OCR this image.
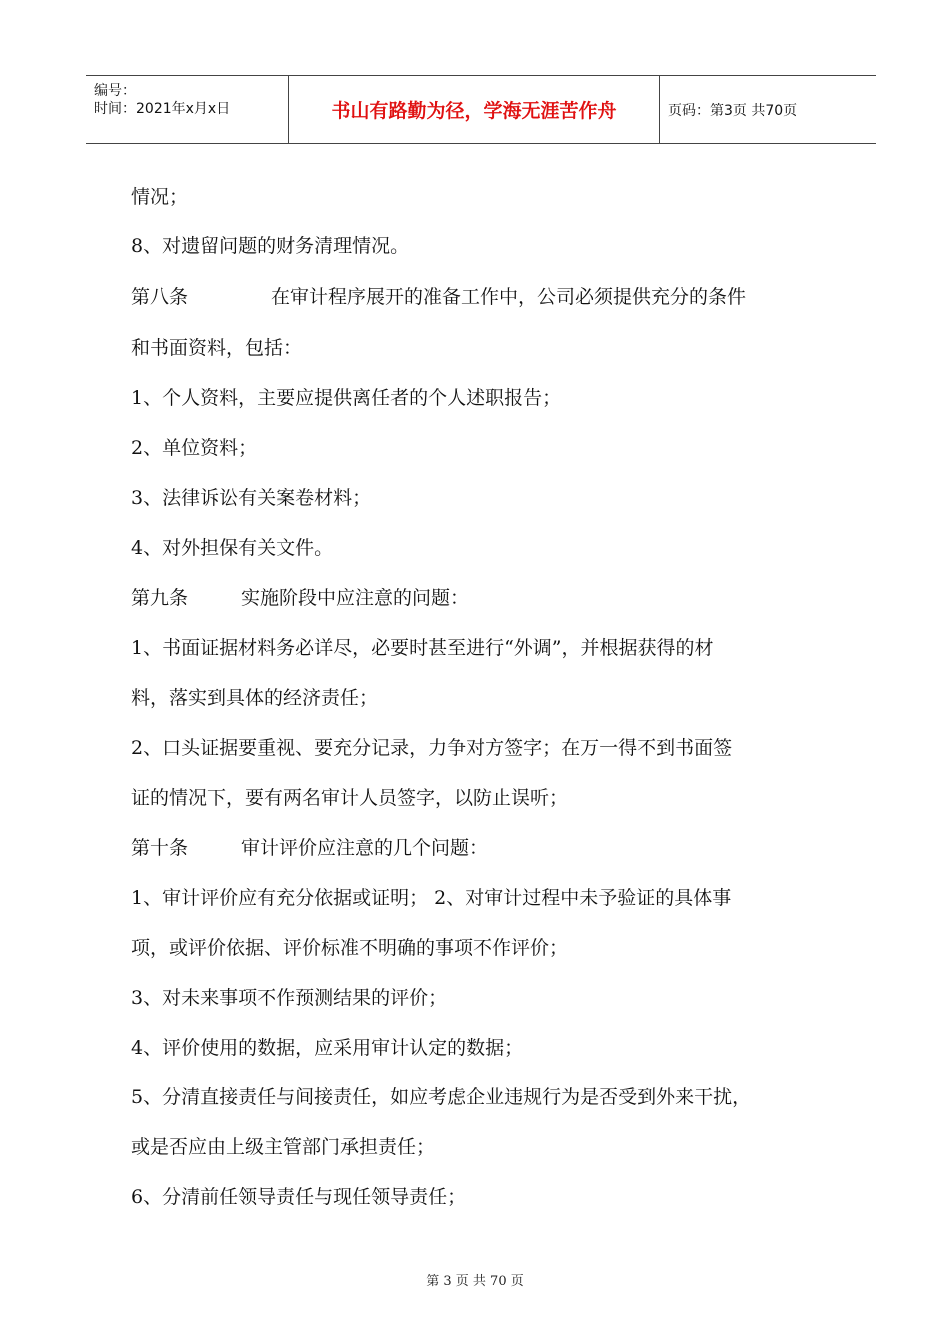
编号：
时间：2021年x月x日	书山有路勤为径，学海无涯苦作舟	页码：第3页 共70页
情况；
8、对遗留问题的财务清理情况。
第八条	在审计程序展开的准备工作中，公司必须提供充分的条件
和书面资料，包括：
1、个人资料，主要应提供离任者的个人述职报告；
2、单位资料；
3、法律诉讼有关案卷材料；
4、对外担保有关文件。
第九条	实施阶段中应注意的问题：
1、书面证据材料务必详尽，必要时甚至进行“外调”，并根据获得的材
料，落实到具体的经济责任；
2、口头证据要重视、要充分记录，力争对方签字；在万一得不到书面签
证的情况下，要有两名审计人员签字，以防止误听；
第十条	审计评价应注意的几个问题：
1、审计评价应有充分依据或证明； 2、对审计过程中未予验证的具体事
项，或评价依据、评价标准不明确的事项不作评价；
3、对未来事项不作预测结果的评价；
4、评价使用的数据，应采用审计认定的数据；
5、分清直接责任与间接责任，如应考虑企业违规行为是否受到外来干扰，
或是否应由上级主管部门承担责任；
6、分清前任领导责任与现任领导责任；
第 3 页 共 70 页
